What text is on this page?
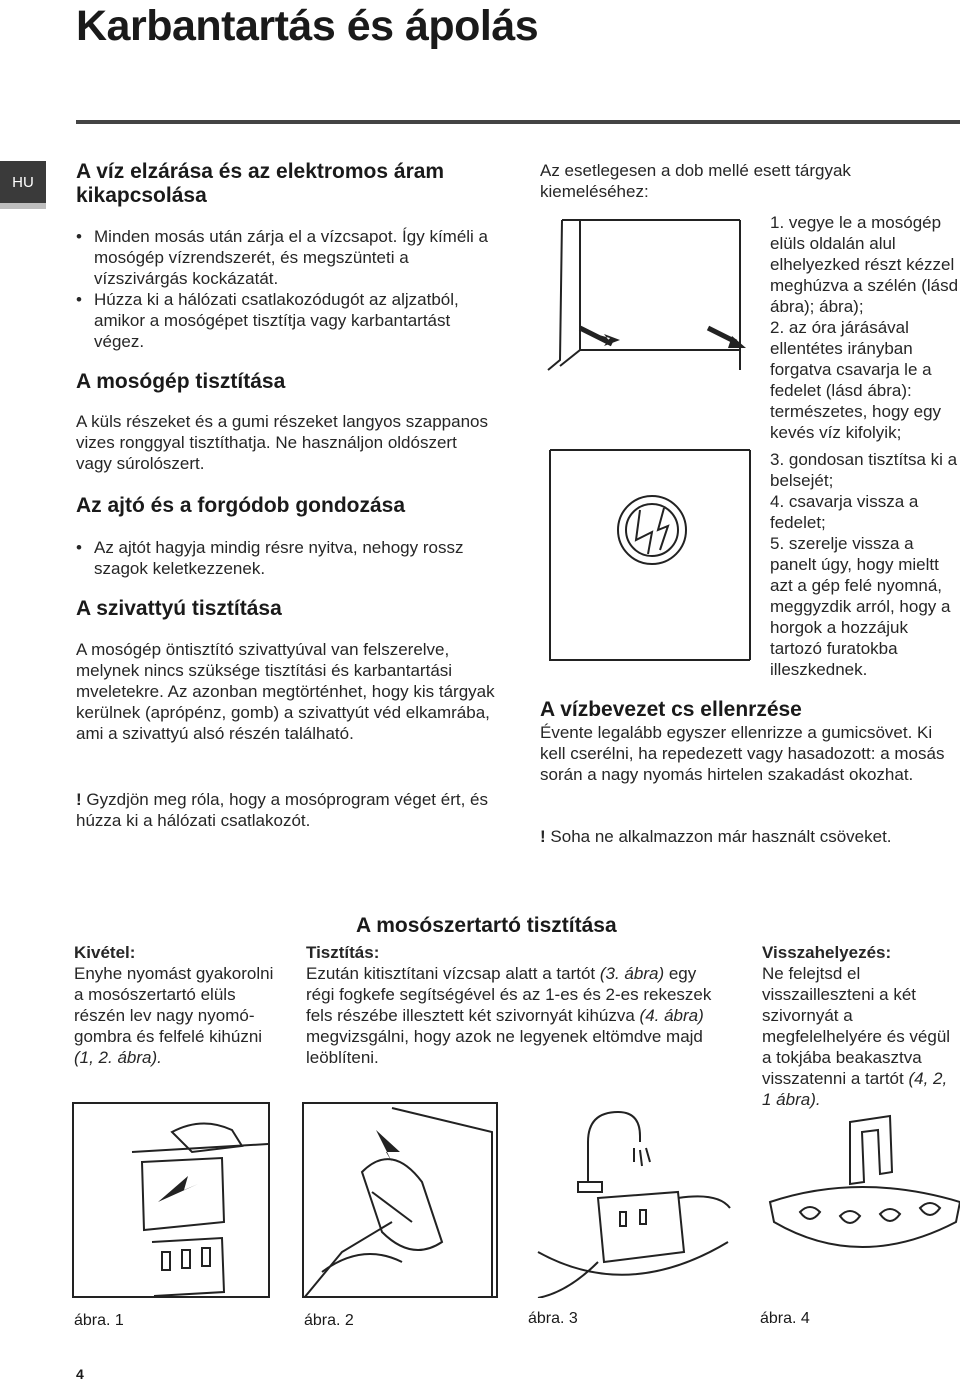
Karbantartás és ápolás
HU	A víz elzárása és az elektromos áram kikapcsolása
• Minden mosás után zárja el a vízcsapot. Így kíméli a mosógép vízrendszerét, és megszünteti a vízszivárgás kockázatát.
• Húzza ki a hálózati csatlakozódugót az aljzatból, amikor a mosógépet tisztítja vagy karbantartást végez.
A mosógép tisztítása
A küls részeket és a gumi részeket langyos szappanos vizes ronggyal tisztíthatja. Ne használjon oldószert vagy súrolószert.
Az ajtó és a forgódob gondozása
• Az ajtót hagyja mindig résre nyitva, nehogy rossz szagok keletkezzenek.
A szivattyú tisztítása
A mosógép öntisztító szivattyúval van felszerelve, melynek nincs szüksége tisztítási és karbantartási mveletekre. Az azonban megtörténhet, hogy kis tárgyak kerülnek (aprópénz, gomb) a szivattyút véd elkamrába, ami a szivattyú alsó részén található.
! Gyzdjön meg róla, hogy a mosóprogram véget ért, és húzza ki a hálózati csatlakozót.
Az esetlegesen a dob mellé esett tárgyak kiemeléséhez:
1. vegye le a mosógép elüls oldalán alul elhelyezked részt kézzel meghúzva a szélén (lásd ábra); ábra);
2. az óra járásával ellentétes irányban forgatva csavarja le a fedelet (lásd ábra): természetes, hogy egy kevés víz kifolyik;
3. gondosan tisztítsa ki a belsejét;
4. csavarja vissza a fedelet;
5. szerelje vissza a panelt úgy, hogy mieltt azt a gép felé nyomná, meggyzdik arról, hogy a horgok a hozzájuk tartozó furatokba illeszkednek.
A vízbevezet cs ellenrzése
Évente legalább egyszer ellenrizze a gumicsövet. Ki kell cserélni, ha repedezett vagy hasadozott: a mosás során a nagy nyomás hirtelen szakadást okozhat.
! Soha ne alkalmazzon már használt csöveket.
A mosószertartó tisztítása
Kivétel:
Enyhe nyomást gyakorolni a mosószertartó elüls részén lev nagy nyomó-gombra és felfelé kihúzni (1, 2. ábra).
Tisztítás:
Ezután kitisztítani vízcsap alatt a tartót (3. ábra) egy régi fogkefe segítségével és az 1-es és 2-es rekeszek fels részébe illesztett két szivornyát kihúzva (4. ábra) megvizsgálni, hogy azok ne legyenek eltömdve majd leöblíteni.
Visszahelyezés:
Ne felejtsd el visszailleszteni a két szivornyát a megfelelhelyére és végül a tokjába beakasztva visszatenni a tartót (4, 2, 1 ábra).
ábra. 1	ábra. 2	ábra. 3	ábra. 4
4
